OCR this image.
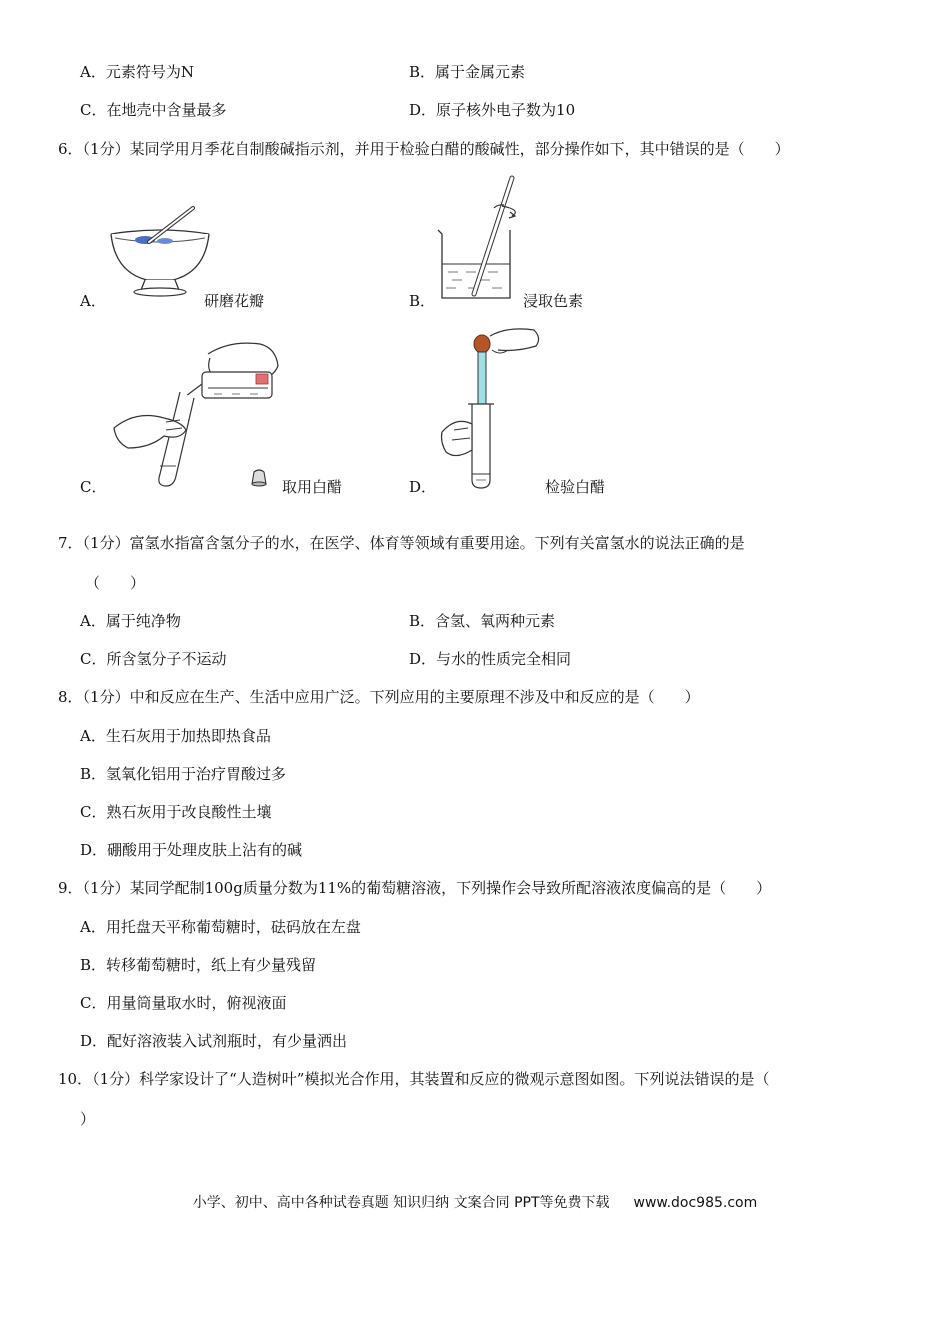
A．元素符号为N	B．属于金属元素
C．在地壳中含量最多	D．原子核外电子数为10
6．（1分）某同学用月季花自制酸碱指示剂，并用于检验白醋的酸碱性，部分操作如下，其中错误的是（　　）
A．	研磨花瓣	B．	浸取色素
C．	取用白醋	D．	检验白醋
7．（1分）富氢水指富含氢分子的水，在医学、体育等领域有重要用途。下列有关富氢水的说法正确的是
（　　）
A．属于纯净物	B．含氢、氧两种元素
C．所含氢分子不运动	D．与水的性质完全相同
8．（1分）中和反应在生产、生活中应用广泛。下列应用的主要原理不涉及中和反应的是（　　）
A．生石灰用于加热即热食品
B．氢氧化铝用于治疗胃酸过多
C．熟石灰用于改良酸性土壤
D．硼酸用于处理皮肤上沾有的碱
9．（1分）某同学配制100g质量分数为11%的葡萄糖溶液，下列操作会导致所配溶液浓度偏高的是（　　）
A．用托盘天平称葡萄糖时，砝码放在左盘
B．转移葡萄糖时，纸上有少量残留
C．用量筒量取水时，俯视液面
D．配好溶液装入试剂瓶时，有少量洒出
10．（1分）科学家设计了“人造树叶”模拟光合作用，其装置和反应的微观示意图如图。下列说法错误的是（
）
小学、初中、高中各种试卷真题 知识归纳 文案合同 PPT等免费下载 www.doc985.com
